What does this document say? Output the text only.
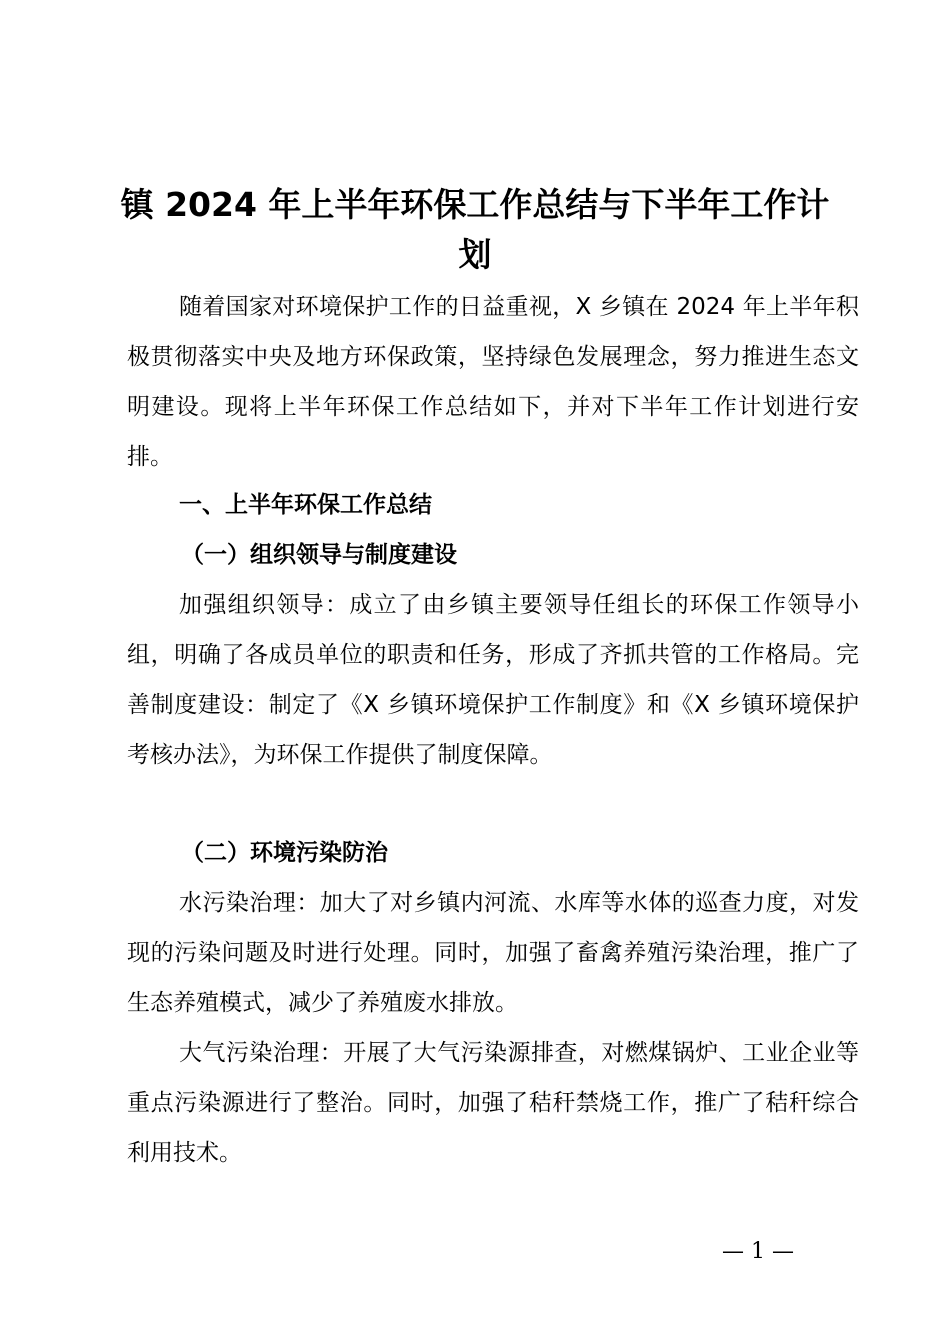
镇 2024 年上半年环保工作总结与下半年工作计划

随着国家对环境保护工作的日益重视，X 乡镇在 2024 年上半年积极贯彻落实中央及地方环保政策，坚持绿色发展理念，努力推进生态文明建设。现将上半年环保工作总结如下，并对下半年工作计划进行安排。

一、上半年环保工作总结
（一）组织领导与制度建设

加强组织领导：成立了由乡镇主要领导任组长的环保工作领导小组，明确了各成员单位的职责和任务，形成了齐抓共管的工作格局。完善制度建设：制定了《X 乡镇环境保护工作制度》和《X 乡镇环境保护考核办法》，为环保工作提供了制度保障。

（二）环境污染防治

水污染治理：加大了对乡镇内河流、水库等水体的巡查力度，对发现的污染问题及时进行处理。同时，加强了畜禽养殖污染治理，推广了生态养殖模式，减少了养殖废水排放。

大气污染治理：开展了大气污染源排查，对燃煤锅炉、工业企业等重点污染源进行了整治。同时，加强了秸秆禁烧工作，推广了秸秆综合利用技术。

— 1 —
